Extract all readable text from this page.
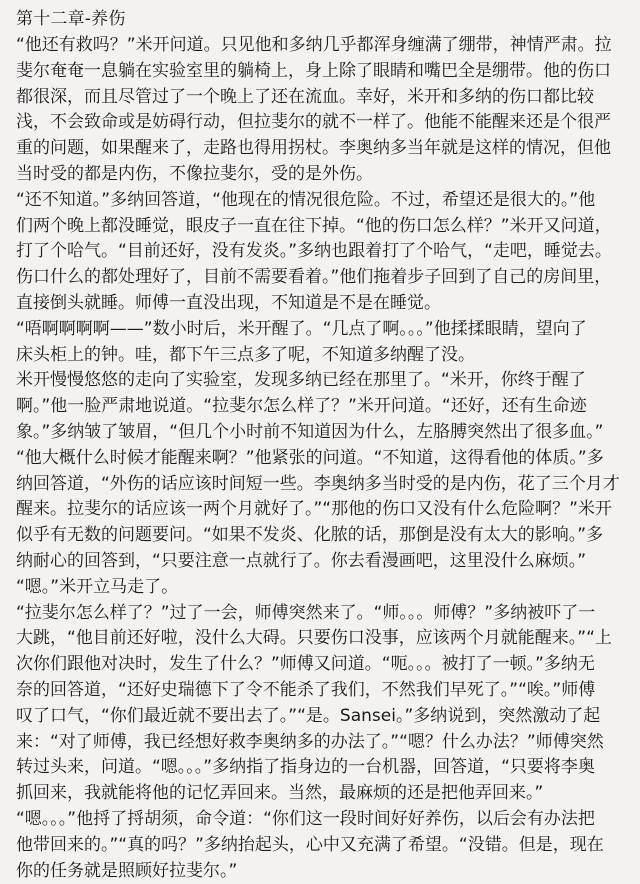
第十二章-养伤
“他还有救吗？”米开问道。只见他和多纳几乎都浑身缠满了绷带，神情严肃。拉
斐尔奄奄一息躺在实验室里的躺椅上，身上除了眼睛和嘴巴全是绷带。他的伤口
都很深，而且尽管过了一个晚上了还在流血。幸好，米开和多纳的伤口都比较
浅，不会致命或是妨碍行动，但拉斐尔的就不一样了。他能不能醒来还是个很严
重的问题，如果醒来了，走路也得用拐杖。李奥纳多当年就是这样的情况，但他
当时受的都是内伤，不像拉斐尔，受的是外伤。
“还不知道。”多纳回答道，“他现在的情况很危险。不过，希望还是很大的。”他
们两个晚上都没睡觉，眼皮子一直在往下掉。“他的伤口怎么样？”米开又问道，
打了个哈气。“目前还好，没有发炎。”多纳也跟着打了个哈气，“走吧，睡觉去。
伤口什么的都处理好了，目前不需要看着。”他们拖着步子回到了自己的房间里，
直接倒头就睡。师傅一直没出现，不知道是不是在睡觉。
“唔啊啊啊啊——”数小时后，米开醒了。“几点了啊。。。”他揉揉眼睛，望向了
床头柜上的钟。哇，都下午三点多了呢，不知道多纳醒了没。
米开慢慢悠悠的走向了实验室，发现多纳已经在那里了。“米开，你终于醒了
啊。”他一脸严肃地说道。“拉斐尔怎么样了？”米开问道。“还好，还有生命迹
象。”多纳皱了皱眉，“但几个小时前不知道因为什么，左胳膊突然出了很多血。”
“他大概什么时候才能醒来啊？”他紧张的问道。“不知道，这得看他的体质。”多
纳回答道，“外伤的话应该时间短一些。李奥纳多当时受的是内伤，花了三个月才
醒来。拉斐尔的话应该一两个月就好了。”“那他的伤口又没有什么危险啊？”米开
似乎有无数的问题要问。“如果不发炎、化脓的话，那倒是没有太大的影响。”多
纳耐心的回答到，“只要注意一点就行了。你去看漫画吧，这里没什么麻烦。”
“嗯。”米开立马走了。
“拉斐尔怎么样了？”过了一会，师傅突然来了。“师。。。师傅？”多纳被吓了一
大跳，“他目前还好啦，没什么大碍。只要伤口没事，应该两个月就能醒来。”“上
次你们跟他对决时，发生了什么？”师傅又问道。“呃。。。被打了一顿。”多纳无
奈的回答道，“还好史瑞德下了令不能杀了我们，不然我们早死了。”“唉。”师傅
叹了口气，“你们最近就不要出去了。”“是。Sansei。”多纳说到，突然激动了起
来：“对了师傅，我已经想好救李奥纳多的办法了。”“嗯？什么办法？”师傅突然
转过头来，问道。“嗯。。。”多纳指了指身边的一台机器，回答道，“只要将李奥
抓回来，我就能将他的记忆弄回来。当然，最麻烦的还是把他弄回来。”
“嗯。。。”他捋了捋胡须，命令道：“你们这一段时间好好养伤，以后会有办法把
他带回来的。”“真的吗？”多纳抬起头，心中又充满了希望。“没错。但是，现在
你的任务就是照顾好拉斐尔。”
